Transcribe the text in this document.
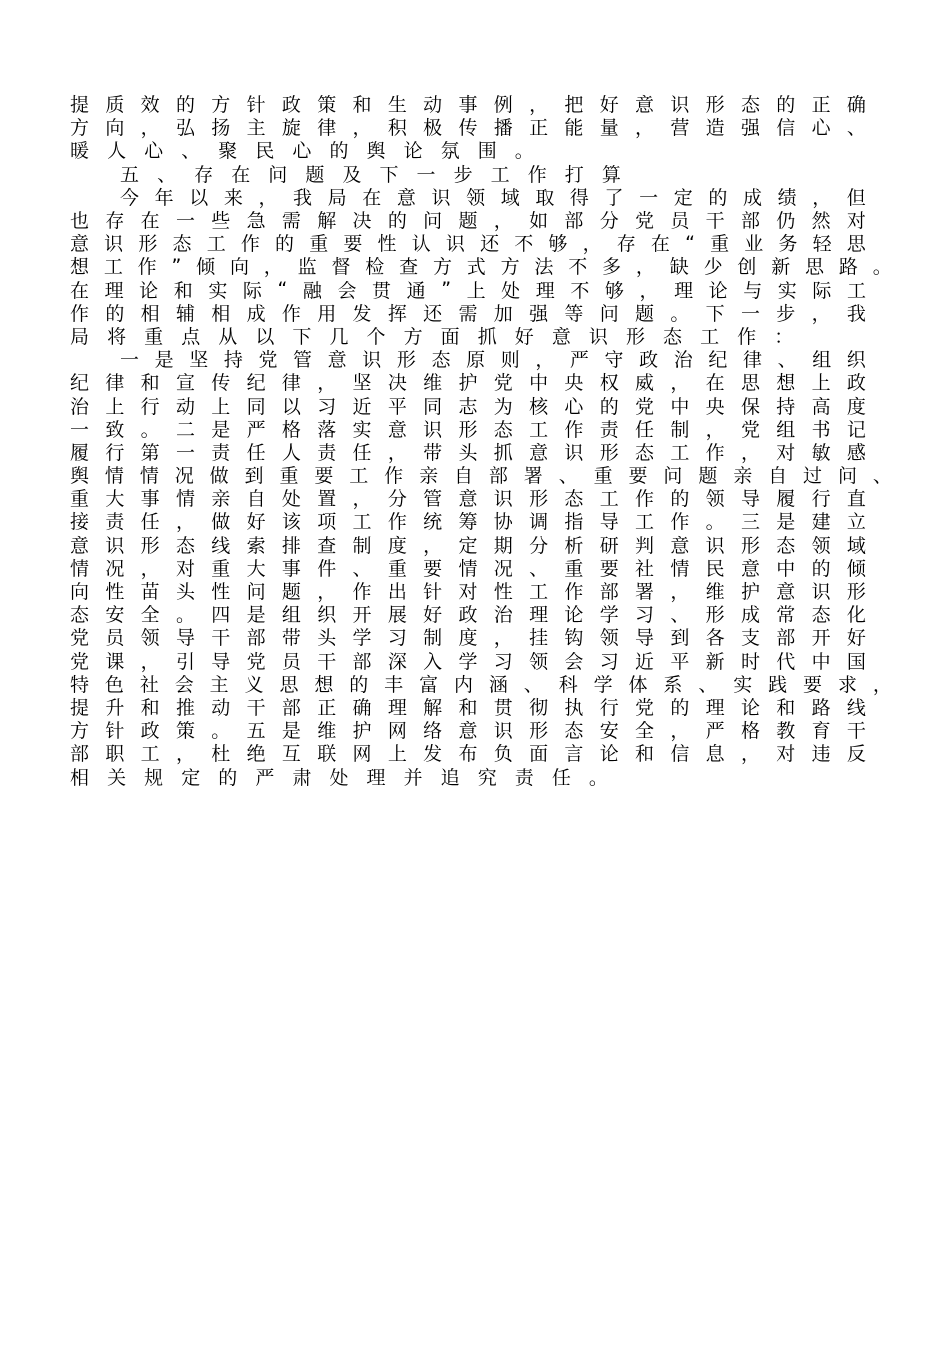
提 质 效 的 方 针 政 策 和 生 动 事 例 ， 把 好 意 识 形 态 的 正 确
方 向 ， 弘 扬 主 旋 律 ， 积 极 传 播 正 能 量 ， 营 造 强 信 心 、
暖 人 心 、 聚 民 心 的 舆 论 氛 围 。
五 、 存 在 问 题 及 下 一 步 工 作 打 算
今 年 以 来 ， 我 局 在 意 识 领 域 取 得 了 一 定 的 成 绩 ， 但
也 存 在 一 些 急 需 解 决 的 问 题 ， 如 部 分 党 员 干 部 仍 然 对
意 识 形 态 工 作 的 重 要 性 认 识 还 不 够 ， 存 在 “ 重 业 务 轻 思
想 工 作 ” 倾 向 ， 监 督 检 查 方 式 方 法 不 多 ， 缺 少 创 新 思 路 。
在 理 论 和 实 际 “ 融 会 贯 通 ” 上 处 理 不 够 ， 理 论 与 实 际 工
作 的 相 辅 相 成 作 用 发 挥 还 需 加 强 等 问 题 。 下 一 步 ， 我
局 将 重 点 从 以 下 几 个 方 面 抓 好 意 识 形 态 工 作 ：
一 是 坚 持 党 管 意 识 形 态 原 则 ， 严 守 政 治 纪 律 、 组 织
纪 律 和 宣 传 纪 律 ， 坚 决 维 护 党 中 央 权 威 ， 在 思 想 上 政
治 上 行 动 上 同 以 习 近 平 同 志 为 核 心 的 党 中 央 保 持 高 度
一 致 。 二 是 严 格 落 实 意 识 形 态 工 作 责 任 制 ， 党 组 书 记
履 行 第 一 责 任 人 责 任 ， 带 头 抓 意 识 形 态 工 作 ， 对 敏 感
舆 情 情 况 做 到 重 要 工 作 亲 自 部 署 、 重 要 问 题 亲 自 过 问 、
重 大 事 情 亲 自 处 置 ， 分 管 意 识 形 态 工 作 的 领 导 履 行 直
接 责 任 ， 做 好 该 项 工 作 统 筹 协 调 指 导 工 作 。 三 是 建 立
意 识 形 态 线 索 排 查 制 度 ， 定 期 分 析 研 判 意 识 形 态 领 域
情 况 ， 对 重 大 事 件 、 重 要 情 况 、 重 要 社 情 民 意 中 的 倾
向 性 苗 头 性 问 题 ， 作 出 针 对 性 工 作 部 署 ， 维 护 意 识 形
态 安 全 。 四 是 组 织 开 展 好 政 治 理 论 学 习 、 形 成 常 态 化
党 员 领 导 干 部 带 头 学 习 制 度 ， 挂 钩 领 导 到 各 支 部 开 好
党 课 ， 引 导 党 员 干 部 深 入 学 习 领 会 习 近 平 新 时 代 中 国
特 色 社 会 主 义 思 想 的 丰 富 内 涵 、 科 学 体 系 、 实 践 要 求 ，
提 升 和 推 动 干 部 正 确 理 解 和 贯 彻 执 行 党 的 理 论 和 路 线
方 针 政 策 。 五 是 维 护 网 络 意 识 形 态 安 全 ， 严 格 教 育 干
部 职 工 ， 杜 绝 互 联 网 上 发 布 负 面 言 论 和 信 息 ， 对 违 反
相 关 规 定 的 严 肃 处 理 并 追 究 责 任 。
